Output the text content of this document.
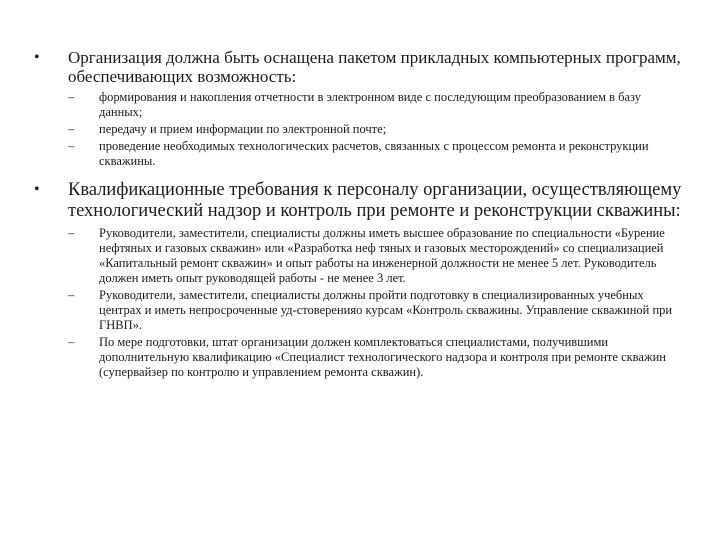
•	Организация должна быть оснащена пакетом прикладных компьютерных программ, обеспечивающих возможность:
–	формирования и накопления отчетности в электронном виде с последующим преобразованием в базу данных;
–	передачу и прием информации по электронной почте;
–	проведение необходимых технологических расчетов, связанных с процессом ремонта и реконструкции скважины.
•	Квалификационные требования к персоналу организации, осуществляющему технологический надзор и контроль при ремонте и реконструкции скважины:
–	Руководители, заместители, специалисты должны иметь высшее образование по специальности «Бурение нефтяных и газовых скважин» или «Разработка неф тяных и газовых месторождений» со специализацией «Капитальный ремонт скважин» и опыт работы на инженерной должности не менее 5 лет. Руководитель должен иметь опыт руководящей работы - не менее 3 лет.
–	Руководители, заместители, специалисты должны пройти подготовку в специализированных учебных центрах и иметь непросроченные уд-стоверенияо курсам «Контроль скважины. Управление скважиной при ГНВП».
–	По мере подготовки, штат организации должен комплектоваться специалистами, получившими дополнительную квалификацию «Специалист технологического надзора и контроля при ремонте скважин (супервайзер по контролю и управлением ремонта скважин).
